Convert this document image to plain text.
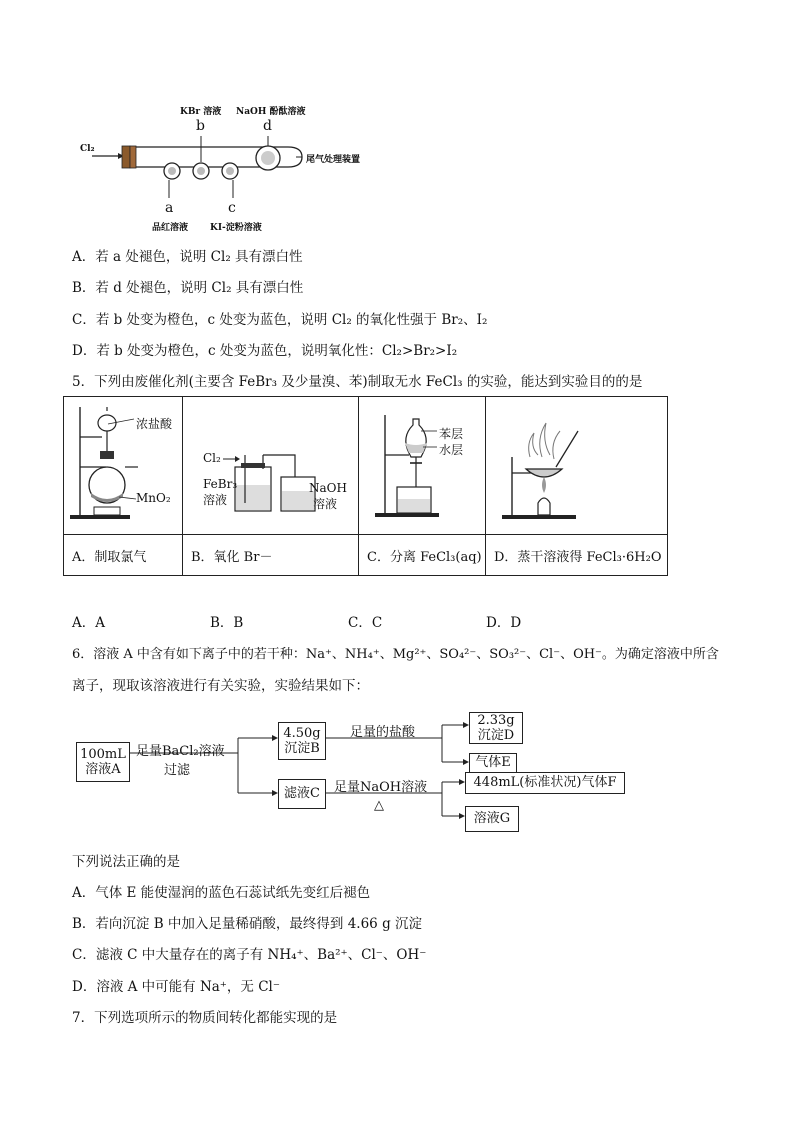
Cl₂
KBr 溶液 NaOH 酚酞溶液
b	d
尾气处理装置
a	c
品红溶液 KI-淀粉溶液
A．若 a 处褪色，说明 Cl₂ 具有漂白性
B．若 d 处褪色，说明 Cl₂ 具有漂白性
C．若 b 处变为橙色，c 处变为蓝色，说明 Cl₂ 的氧化性强于 Br₂、I₂
D．若 b 处变为橙色，c 处变为蓝色，说明氧化性：Cl₂>Br₂>I₂
5．下列由废催化剂(主要含 FeBr₃ 及少量溴、苯)制取无水 FeCl₃ 的实验，能达到实验目的的是
浓盐酸
MnO₂	Cl₂
FeBr₃
溶液
NaOH
溶液	苯层
水层

A．制取氯气	B．氧化 Br－	C．分离 FeCl₃(aq)	D．蒸干溶液得 FeCl₃·6H₂O
A．A	B．B	C．C	D．D
6．溶液 A 中含有如下离子中的若干种：Na⁺、NH₄⁺、Mg²⁺、SO₄²⁻、SO₃²⁻、Cl⁻、OH⁻。为确定溶液中所含
离子，现取该溶液进行有关实验，实验结果如下：
100mL
溶液A
足量BaCl₂溶液
过滤
4.50g
沉淀B
足量的盐酸
2.33g
沉淀D
气体E
滤液C	足量NaOH溶液
△
448mL(标准状况)气体F
溶液G
下列说法正确的是
A．气体 E 能使湿润的蓝色石蕊试纸先变红后褪色
B．若向沉淀 B 中加入足量稀硝酸，最终得到 4.66 g 沉淀
C．滤液 C 中大量存在的离子有 NH₄⁺、Ba²⁺、Cl⁻、OH⁻
D．溶液 A 中可能有 Na⁺，无 Cl⁻
7．下列选项所示的物质间转化都能实现的是
